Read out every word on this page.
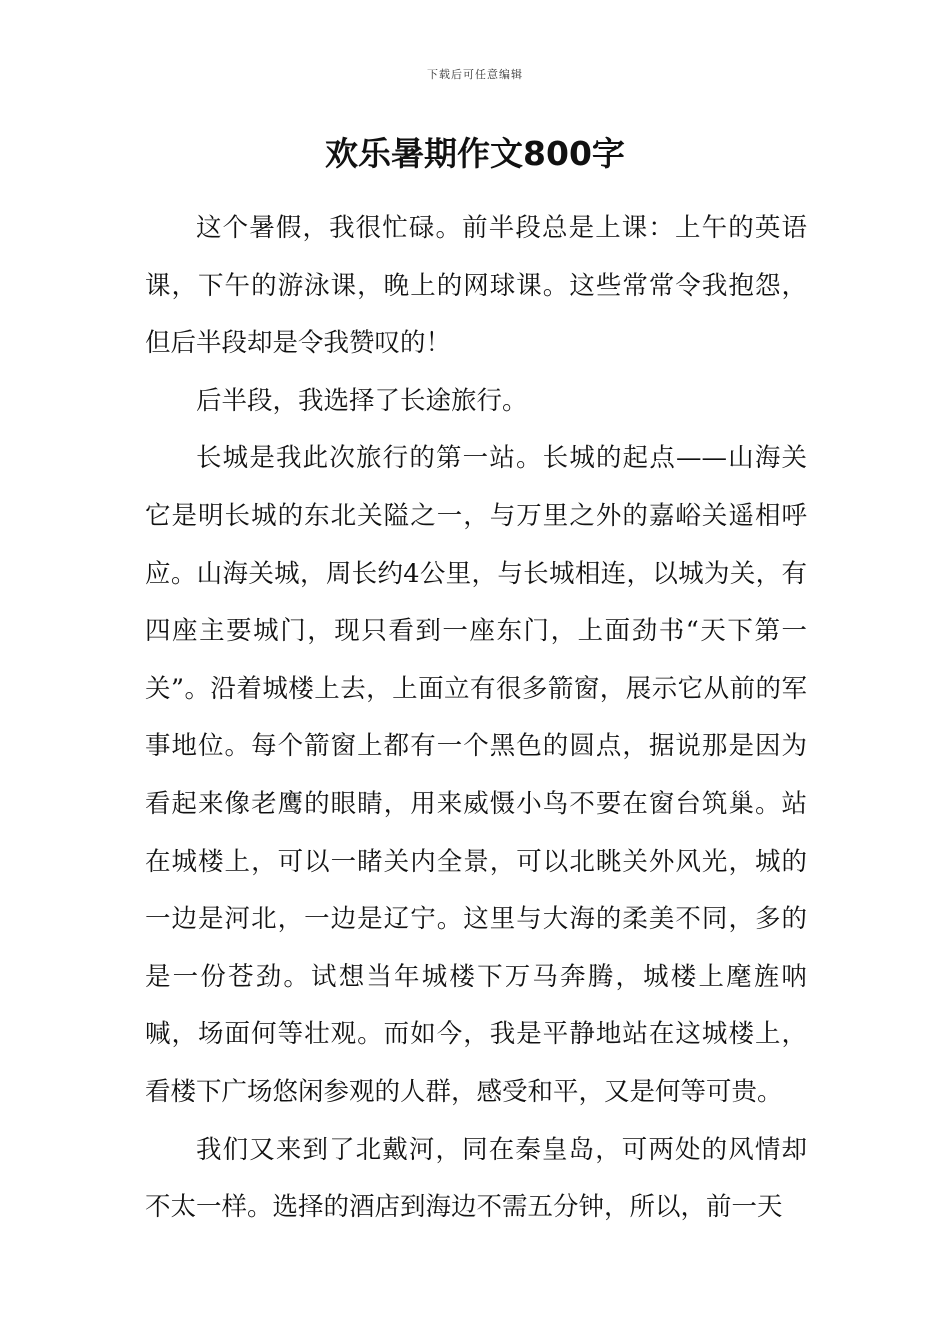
下载后可任意编辑
欢乐暑期作文800字

这个暑假，我很忙碌。前半段总是上课：上午的英语课，下午的游泳课，晚上的网球课。这些常常令我抱怨，但后半段却是令我赞叹的！

后半段，我选择了长途旅行。

长城是我此次旅行的第一站。长城的起点——山海关它是明长城的东北关隘之一，与万里之外的嘉峪关遥相呼应。山海关城，周长约4公里，与长城相连，以城为关，有四座主要城门，现只看到一座东门，上面劲书“天下第一关”。沿着城楼上去，上面立有很多箭窗，展示它从前的军事地位。每个箭窗上都有一个黑色的圆点，据说那是因为看起来像老鹰的眼睛，用来威慑小鸟不要在窗台筑巢。站在城楼上，可以一睹关内全景，可以北眺关外风光，城的一边是河北，一边是辽宁。这里与大海的柔美不同，多的是一份苍劲。试想当年城楼下万马奔腾，城楼上麾旌呐喊，场面何等壮观。而如今，我是平静地站在这城楼上，看楼下广场悠闲参观的人群，感受和平，又是何等可贵。

我们又来到了北戴河，同在秦皇岛，可两处的风情却不太一样。选择的酒店到海边不需五分钟，所以，前一天
